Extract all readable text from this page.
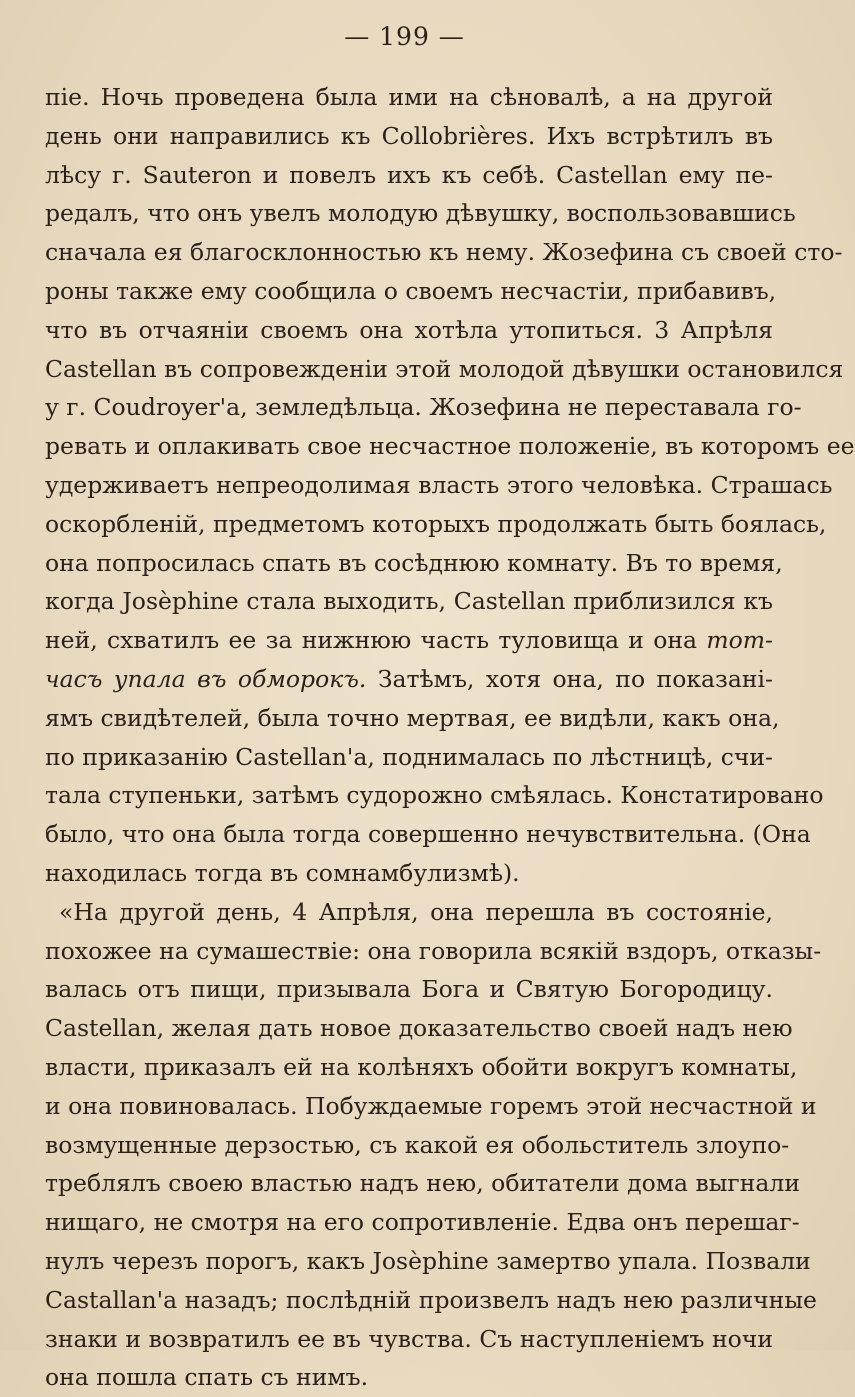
— 199 —
піе. Ночь проведена была ими на сѣновалѣ, а на другой
день они направились къ Collobrières. Ихъ встрѣтилъ въ
лѣсу г. Sauteron и повелъ ихъ къ себѣ. Castellan ему пе-
редалъ, что онъ увелъ молодую дѣвушку, воспользовавшись
сначала ея благосклонностью къ нему. Жозефина съ своей сто-
роны также ему сообщила о своемъ несчастіи, прибавивъ,
что въ отчаяніи своемъ она хотѣла утопиться. 3 Апрѣля
Castellan въ сопровежденіи этой молодой дѣвушки остановился
у г. Coudroyer'а, земледѣльца. Жозефина не переставала го-
ревать и оплакивать свое несчастное положеніе, въ которомъ ее
удерживаетъ непреодолимая власть этого человѣка. Страшась
оскорбленій, предметомъ которыхъ продолжать быть боялась,
она попросилась спать въ сосѣднюю комнату. Въ то время,
когда Josèphine стала выходить, Castellan приблизился къ
ней, схватилъ ее за нижнюю часть туловища и она тот-
часъ упала въ обморокъ. Затѣмъ, хотя она, по показані-
ямъ свидѣтелей, была точно мертвая, ее видѣли, какъ она,
по приказанію Castellan'а, поднималась по лѣстницѣ, счи-
тала ступеньки, затѣмъ судорожно смѣялась. Констатировано
было, что она была тогда совершенно нечувствительна. (Она
находилась тогда въ сомнамбулизмѣ).
«На другой день, 4 Апрѣля, она перешла въ состояніе,
похожее на сумашествіе: она говорила всякій вздоръ, отказы-
валась отъ пищи, призывала Бога и Святую Богородицу.
Castellan, желая дать новое доказательство своей надъ нею
власти, приказалъ ей на колѣняхъ обойти вокругъ комнаты,
и она повиновалась. Побуждаемые горемъ этой несчастной и
возмущенные дерзостью, съ какой ея обольститель злоупо-
треблялъ своею властью надъ нею, обитатели дома выгнали
нищаго, не смотря на его сопротивленіе. Едва онъ перешаг-
нулъ черезъ порогъ, какъ Josèphine замертво упала. Позвали
Castallan'а назадъ; послѣдній произвелъ надъ нею различные
знаки и возвратилъ ее въ чувства. Съ наступленіемъ ночи
она пошла спать съ нимъ.
